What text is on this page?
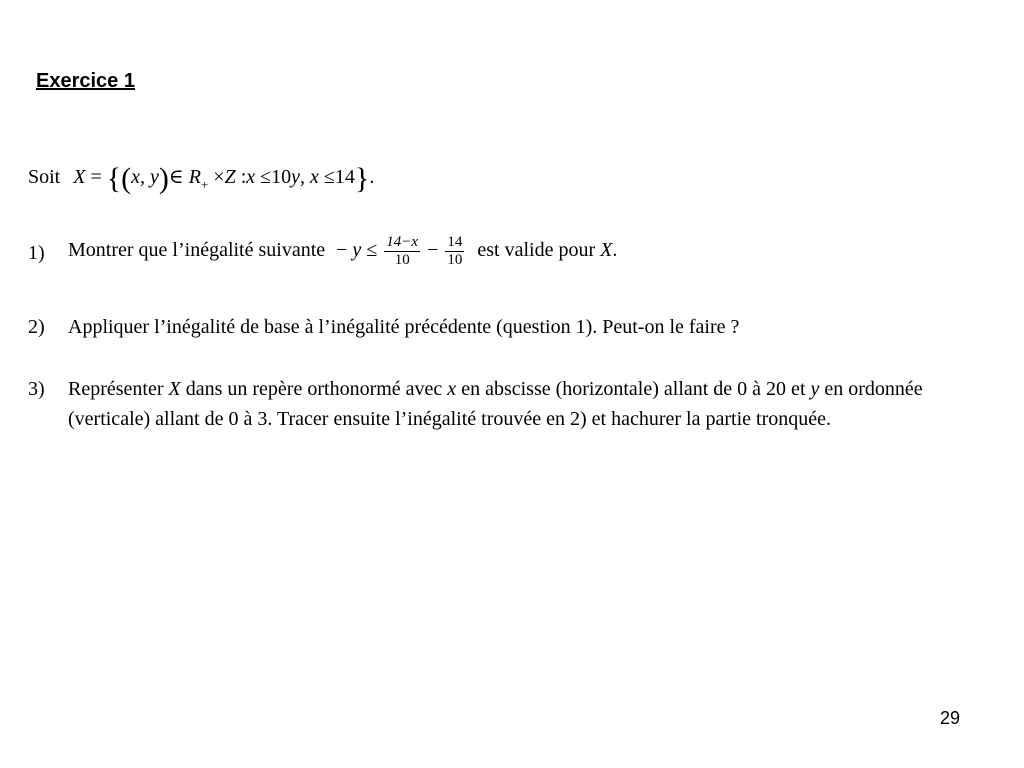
Exercice 1
Soit X = {(x, y)∈ $R_+ \times Z$ :x ≤10y, x ≤14}.
1) Montrer que l’inégalité suivante − $y \le \frac{14-x}{10} - \frac{14}{10}$ est valide pour X.
2) Appliquer l’inégalité de base à l’inégalité précédente (question 1). Peut-on le faire ?
3) Représenter X dans un repère orthonormé avec x en abscisse (horizontale) allant de 0 à 20 et y en ordonnée
(verticale) allant de 0 à 3. Tracer ensuite l’inégalité trouvée en 2) et hachurer la partie tronquée.
29
